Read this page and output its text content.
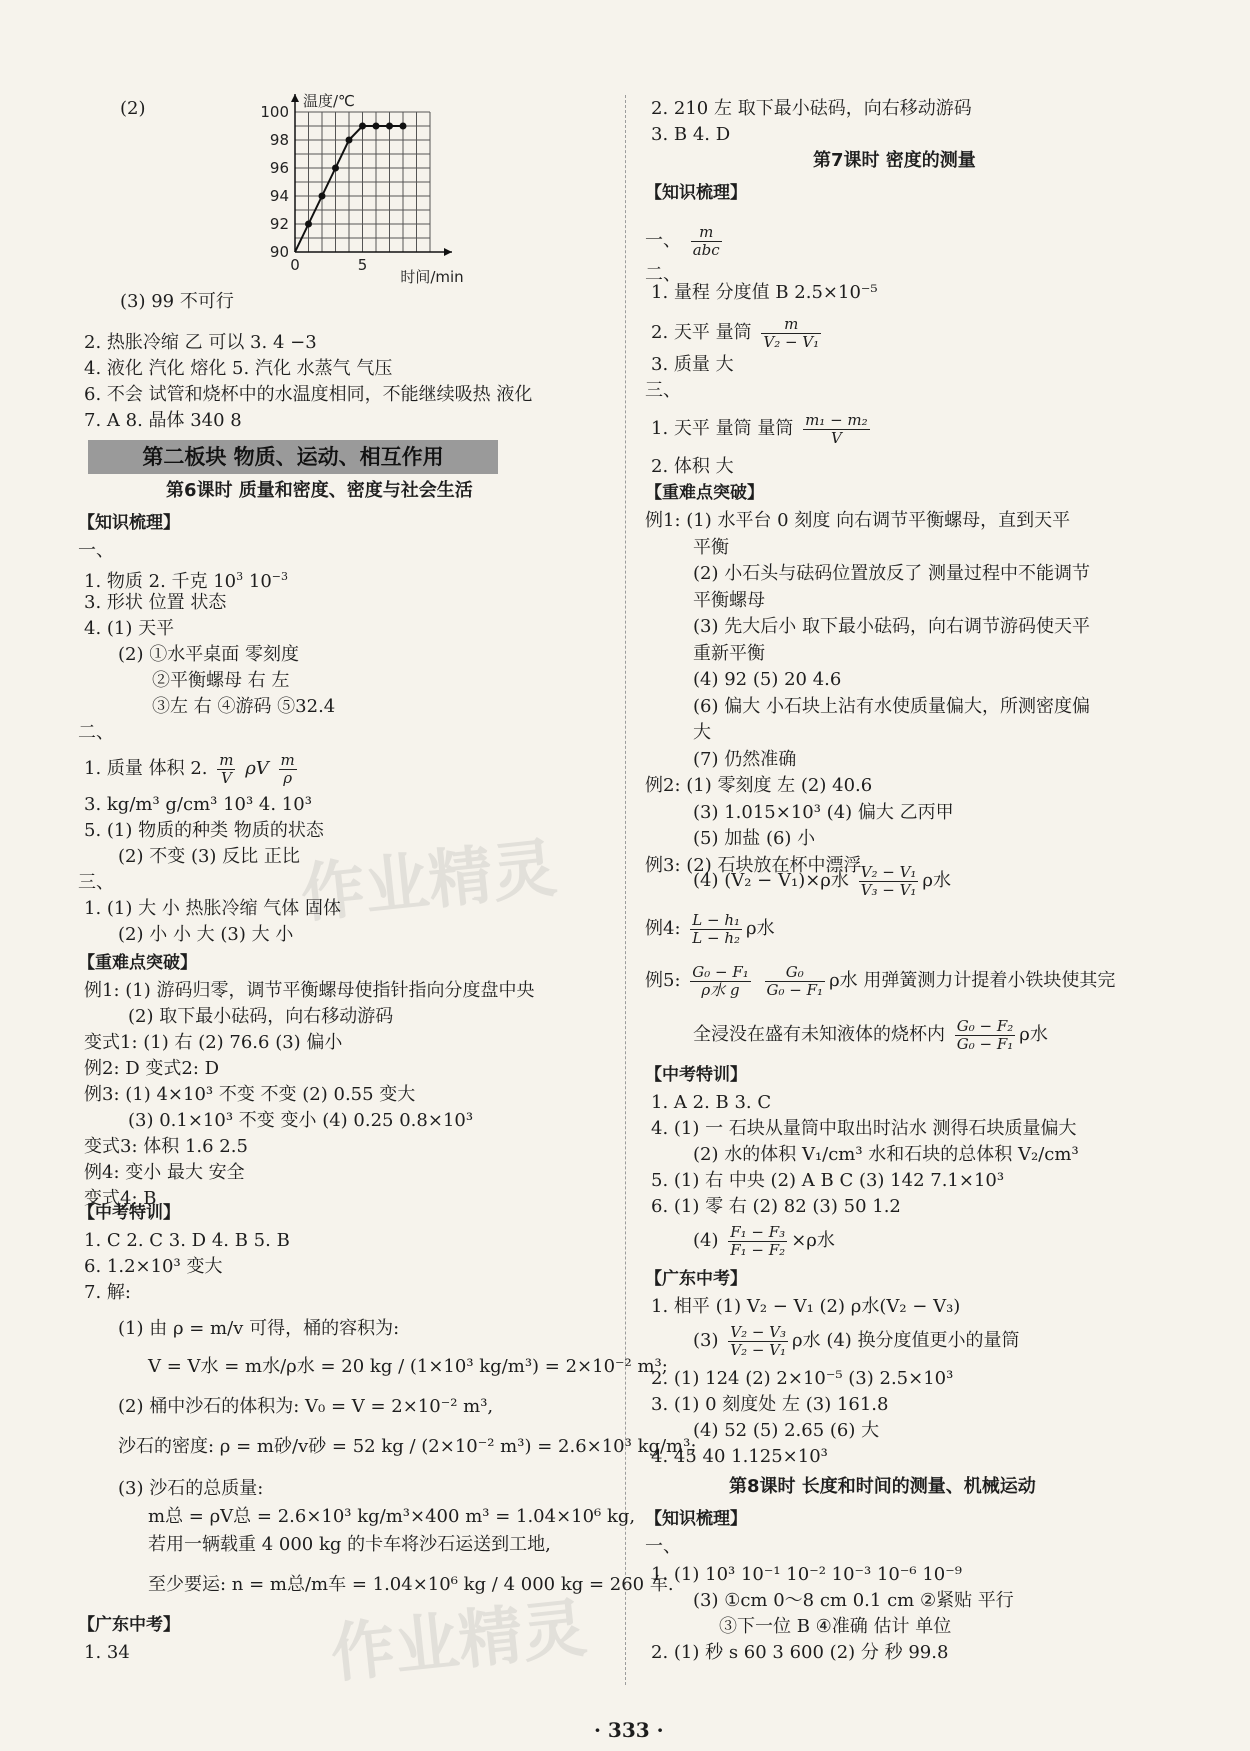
作业精灵
作业精灵
(2)
90
92
94
96
98
100
0	5
温度/℃
时间/min
(3) 99 不可行
2. 热胀冷缩 乙 可以 3. 4 −3
4. 液化 汽化 熔化 5. 汽化 水蒸气 气压
6. 不会 试管和烧杯中的水温度相同，不能继续吸热 液化
7. A 8. 晶体 340 8
第二板块 物质、运动、相互作用
第6课时 质量和密度、密度与社会生活
【知识梳理】
一、
1. 物质 2. 千克 $10^3$ $10^{-3}$
3. 形状 位置 状态
4. (1) 天平
(2) ①水平桌面 零刻度
②平衡螺母 右 左
③左 右 ④游码 ⑤32.4
二、
1. 质量 体积 2. $\frac{m}{V}$ ρV $\frac{m}{\rho}$
3. kg/m³ g/cm³ 10³ 4. 10³
5. (1) 物质的种类 物质的状态
(2) 不变 (3) 反比 正比
三、
1. (1) 大 小 热胀冷缩 气体 固体
(2) 小 小 大 (3) 大 小
【重难点突破】
例1: (1) 游码归零，调节平衡螺母使指针指向分度盘中央
(2) 取下最小砝码，向右移动游码
变式1: (1) 右 (2) 76.6 (3) 偏小
例2: D 变式2: D
例3: (1) 4×10³ 不变 不变 (2) 0.55 变大
(3) 0.1×10³ 不变 变小 (4) 0.25 0.8×10³
变式3: 体积 1.6 2.5
例4: 变小 最大 安全
变式4: B
【中考特训】
1. C 2. C 3. D 4. B 5. B
6. 1.2×10³ 变大
7. 解:
(1) 由 ρ = m/v 可得，桶的容积为:
V = V水 = m水/ρ水 = 20 kg / (1×10³ kg/m³) = 2×10⁻² m³;
(2) 桶中沙石的体积为: V₀ = V = 2×10⁻² m³,
沙石的密度: ρ = m砂/v砂 = 52 kg / (2×10⁻² m³) = 2.6×10³ kg/m³;
(3) 沙石的总质量:
m总 = ρV总 = 2.6×10³ kg/m³×400 m³ = 1.04×10⁶ kg,
若用一辆载重 4 000 kg 的卡车将沙石运送到工地,
至少要运: n = m总/m车 = 1.04×10⁶ kg / 4 000 kg = 260 车.
【广东中考】
1. 34
2. 210 左 取下最小砝码，向右移动游码
3. B 4. D
第7课时 密度的测量
【知识梳理】
一、 $\frac{m}{\text{abc}}$
二、
1. 量程 分度值 B 2.5×10⁻⁵
2. 天平 量筒 $\frac{m}{\text{V₂ − V₁}}$
3. 质量 大
三、
1. 天平 量筒 量筒 $\frac{\text{m₁ − m₂}}{V}$
2. 体积 大
【重难点突破】
例1: (1) 水平台 0 刻度 向右调节平衡螺母，直到天平
平衡
(2) 小石头与砝码位置放反了 测量过程中不能调节
平衡螺母
(3) 先大后小 取下最小砝码，向右调节游码使天平
重新平衡
(4) 92 (5) 20 4.6
(6) 偏大 小石块上沾有水使质量偏大，所测密度偏
大
(7) 仍然准确
例2: (1) 零刻度 左 (2) 40.6
(3) 1.015×10³ (4) 偏大 乙丙甲
(5) 加盐 (6) 小
例3: (2) 石块放在杯中漂浮
(4) (V₂ − V₁)×ρ水 $\frac{\text{V₂ − V₁}}{\text{V₃ − V₁}}$ ρ水
例4: $\frac{\text{L − h₁}}{\text{L − h₂}}$ ρ水
例5: $\frac{\text{G₀ − F₁}}{\text{ρ水 g}}$
$\frac{\text{G₀}}{\text{G₀ − F₁}}$ ρ水 用弹簧测力计提着小铁块使其完
全浸没在盛有未知液体的烧杯内 $\frac{\text{G₀ − F₂}}{\text{G₀ − F₁}}$ ρ水
【中考特训】
1. A 2. B 3. C
4. (1) 一 石块从量筒中取出时沾水 测得石块质量偏大
(2) 水的体积 V₁/cm³ 水和石块的总体积 V₂/cm³
5. (1) 右 中央 (2) A B C (3) 142 7.1×10³
6. (1) 零 右 (2) 82 (3) 50 1.2
$(4) \frac{\text{F₁ − F₃}}{\text{F₁ − F₂}} \times\rho$水
【广东中考】
1. 相平 (1) V₂ − V₁ (2) ρ水(V₂ − V₃)
$(3) \frac{\text{V₂ − V₃}}{\text{V₂ − V₁}}$ ρ水 (4) 换分度值更小的量筒
2. (1) 124 (2) 2×10⁻⁵ (3) 2.5×10³
3. (1) 0 刻度处 左 (3) 161.8
(4) 52 (5) 2.65 (6) 大
4. 45 40 1.125×10³
第8课时 长度和时间的测量、机械运动
【知识梳理】
一、
1. (1) 10³ 10⁻¹ 10⁻² 10⁻³ 10⁻⁶ 10⁻⁹
(3) ①cm 0～8 cm 0.1 cm ②紧贴 平行
③下一位 B ④准确 估计 单位
2. (1) 秒 s 60 3 600 (2) 分 秒 99.8
· 333 ·
